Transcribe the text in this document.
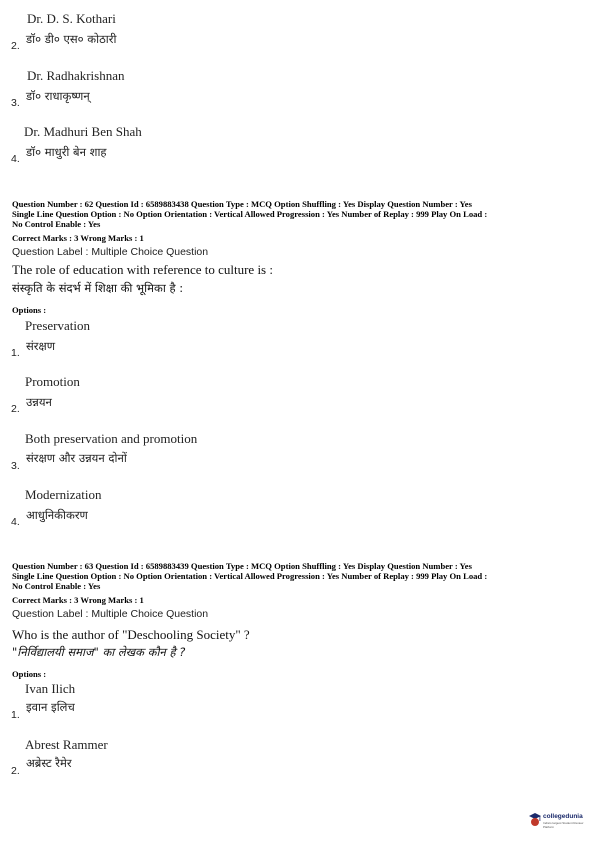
Dr. D. S. Kothari
2. डॉ० डी० एस० कोठारी
Dr. Radhakrishnan
3. डॉ० राधाकृष्णन्
Dr. Madhuri Ben Shah
4. डॉ० माधुरी बेन शाह
Question Number : 62 Question Id : 6589883438 Question Type : MCQ Option Shuffling : Yes Display Question Number : Yes
Single Line Question Option : No Option Orientation : Vertical Allowed Progression : Yes Number of Replay : 999 Play On Load :
No Control Enable : Yes
Correct Marks : 3 Wrong Marks : 1
Question Label : Multiple Choice Question
The role of education with reference to culture is :
संस्कृति के संदर्भ में शिक्षा की भूमिका है :
Options :
Preservation
1. संरक्षण
Promotion
2. उन्नयन
Both preservation and promotion
3.
संरक्षण और उन्नयन दोनों
Modernization
4. आधुनिकीकरण
Question Number : 63 Question Id : 6589883439 Question Type : MCQ Option Shuffling : Yes Display Question Number : Yes
Single Line Question Option : No Option Orientation : Vertical Allowed Progression : Yes Number of Replay : 999 Play On Load :
No Control Enable : Yes
Correct Marks : 3 Wrong Marks : 1
Question Label : Multiple Choice Question
Who is the author of "Deschooling Society" ?
"निर्विद्यालयी समाज" का लेखक कौन है ?
Options :
Ivan Ilich
1.
इवान इलिच
Abrest Rammer
2.
अब्रेस्ट रैमेर
collegedunia
India's largest Student Review Platform
